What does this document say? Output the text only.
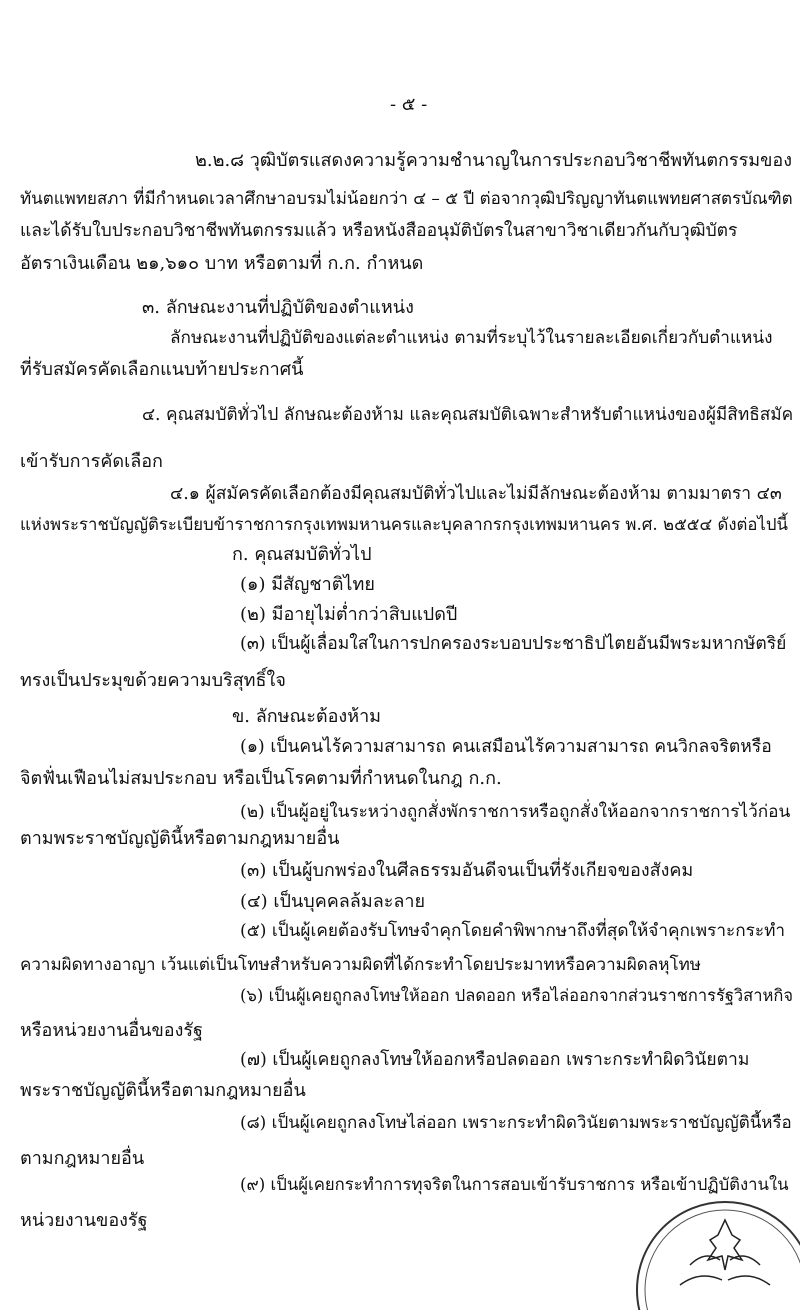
- ๕ -
๒.๒.๘ วุฒิบัตรแสดงความรู้ความชำนาญในการประกอบวิชาชีพทันตกรรมของ
ทันตแพทยสภา ที่มีกำหนดเวลาศึกษาอบรมไม่น้อยกว่า ๔ – ๕ ปี ต่อจากวุฒิปริญญาทันตแพทยศาสตรบัณฑิต
และได้รับใบประกอบวิชาชีพทันตกรรมแล้ว หรือหนังสืออนุมัติบัตรในสาขาวิชาเดียวกันกับวุฒิบัตร
อัตราเงินเดือน ๒๑,๖๑๐ บาท หรือตามที่ ก.ก. กำหนด
๓. ลักษณะงานที่ปฏิบัติของตำแหน่ง
ลักษณะงานที่ปฏิบัติของแต่ละตำแหน่ง ตามที่ระบุไว้ในรายละเอียดเกี่ยวกับตำแหน่ง
ที่รับสมัครคัดเลือกแนบท้ายประกาศนี้
๔. คุณสมบัติทั่วไป ลักษณะต้องห้าม และคุณสมบัติเฉพาะสำหรับตำแหน่งของผู้มีสิทธิสมัค
เข้ารับการคัดเลือก
๔.๑ ผู้สมัครคัดเลือกต้องมีคุณสมบัติทั่วไปและไม่มีลักษณะต้องห้าม ตามมาตรา ๔๓
แห่งพระราชบัญญัติระเบียบข้าราชการกรุงเทพมหานครและบุคลากรกรุงเทพมหานคร พ.ศ. ๒๕๕๔ ดังต่อไปนี้
ก. คุณสมบัติทั่วไป
(๑) มีสัญชาติไทย
(๒) มีอายุไม่ต่ำกว่าสิบแปดปี
(๓) เป็นผู้เลื่อมใสในการปกครองระบอบประชาธิปไตยอันมีพระมหากษัตริย์
ทรงเป็นประมุขด้วยความบริสุทธิ์ใจ
ข. ลักษณะต้องห้าม
(๑) เป็นคนไร้ความสามารถ คนเสมือนไร้ความสามารถ คนวิกลจริตหรือ
จิตฟั่นเฟือนไม่สมประกอบ หรือเป็นโรคตามที่กำหนดในกฎ ก.ก.
(๒) เป็นผู้อยู่ในระหว่างถูกสั่งพักราชการหรือถูกสั่งให้ออกจากราชการไว้ก่อน
ตามพระราชบัญญัตินี้หรือตามกฎหมายอื่น
(๓) เป็นผู้บกพร่องในศีลธรรมอันดีจนเป็นที่รังเกียจของสังคม
(๔) เป็นบุคคลล้มละลาย
(๕) เป็นผู้เคยต้องรับโทษจำคุกโดยคำพิพากษาถึงที่สุดให้จำคุกเพราะกระทำ
ความผิดทางอาญา เว้นแต่เป็นโทษสำหรับความผิดที่ได้กระทำโดยประมาทหรือความผิดลหุโทษ
(๖) เป็นผู้เคยถูกลงโทษให้ออก ปลดออก หรือไล่ออกจากส่วนราชการรัฐวิสาหกิจ
หรือหน่วยงานอื่นของรัฐ
(๗) เป็นผู้เคยถูกลงโทษให้ออกหรือปลดออก เพราะกระทำผิดวินัยตาม
พระราชบัญญัตินี้หรือตามกฎหมายอื่น
(๘) เป็นผู้เคยถูกลงโทษไล่ออก เพราะกระทำผิดวินัยตามพระราชบัญญัตินี้หรือ
ตามกฎหมายอื่น
(๙) เป็นผู้เคยกระทำการทุจริตในการสอบเข้ารับราชการ หรือเข้าปฏิบัติงานใน
หน่วยงานของรัฐ
